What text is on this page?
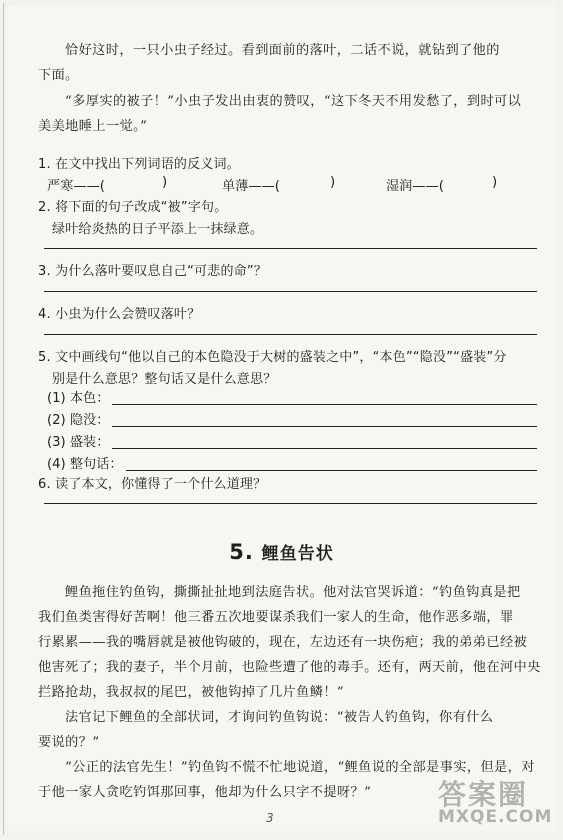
恰好这时，一只小虫子经过。看到面前的落叶，二话不说，就钻到了他的
下面。
“多厚实的被子！”小虫子发出由衷的赞叹，“这下冬天不用发愁了，到时可以
美美地睡上一觉。”
1. 在文中找出下列词语的反义词。
严寒——(	)	单薄——(	)	湿润——(	)
2. 将下面的句子改成“被”字句。
绿叶给炎热的日子平添上一抹绿意。
3. 为什么落叶要叹息自己“可悲的命”？
4. 小虫为什么会赞叹落叶？
5. 文中画线句“他以自己的本色隐没于大树的盛装之中”，“本色”“隐没”“盛装”分
别是什么意思？整句话又是什么意思？
(1) 本色：
(2) 隐没：
(3) 盛装：
(4) 整句话：
6. 读了本文，你懂得了一个什么道理？
5. 鲤鱼告状
鲤鱼拖住钓鱼钩，撕撕扯扯地到法庭告状。他对法官哭诉道：“钓鱼钩真是把
我们鱼类害得好苦啊！他三番五次地要谋杀我们一家人的生命，他作恶多端，罪
行累累——我的嘴唇就是被他钩破的，现在，左边还有一块伤疤；我的弟弟已经被
他害死了；我的妻子，半个月前，也险些遭了他的毒手。还有，两天前，他在河中央
拦路抢劫，我叔叔的尾巴，被他钩掉了几片鱼鳞！”
法官记下鲤鱼的全部状词，才询问钓鱼钩说：“被告人钓鱼钩，你有什么
要说的？”
“公正的法官先生！”钓鱼钩不慌不忙地说道，“鲤鱼说的全部是事实，但是，对
于他一家人贪吃钓饵那回事，他却为什么只字不提呀？”
3
答案圈
MXQE.COM
